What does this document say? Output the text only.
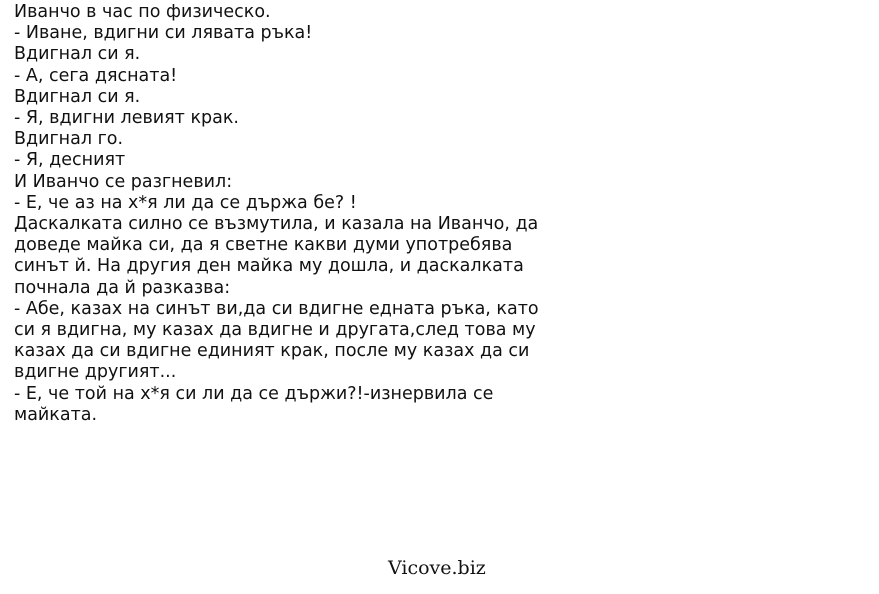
Иванчо в час по физическо.
- Иване, вдигни си лявата ръка!
Вдигнал си я.
- А, сега дясната!
Вдигнал си я.
- Я, вдигни левият крак.
Вдигнал го.
- Я, десният
И Иванчо се разгневил:
- Е, че аз на х*я ли да се държа бе? !
Даскалката силно се възмутила, и казала на Иванчо, да
доведе майка си, да я светне какви думи употребява
синът й. На другия ден майка му дошла, и даскалката
почнала да й разказва:
- Абе, казах на синът ви,да си вдигне едната ръка, като
си я вдигна, му казах да вдигне и другата,след това му
казах да си вдигне единият крак, после му казах да си
вдигне другият...
- Е, че той на х*я си ли да се държи?!-изнервила се
майката.
Vicove.biz
